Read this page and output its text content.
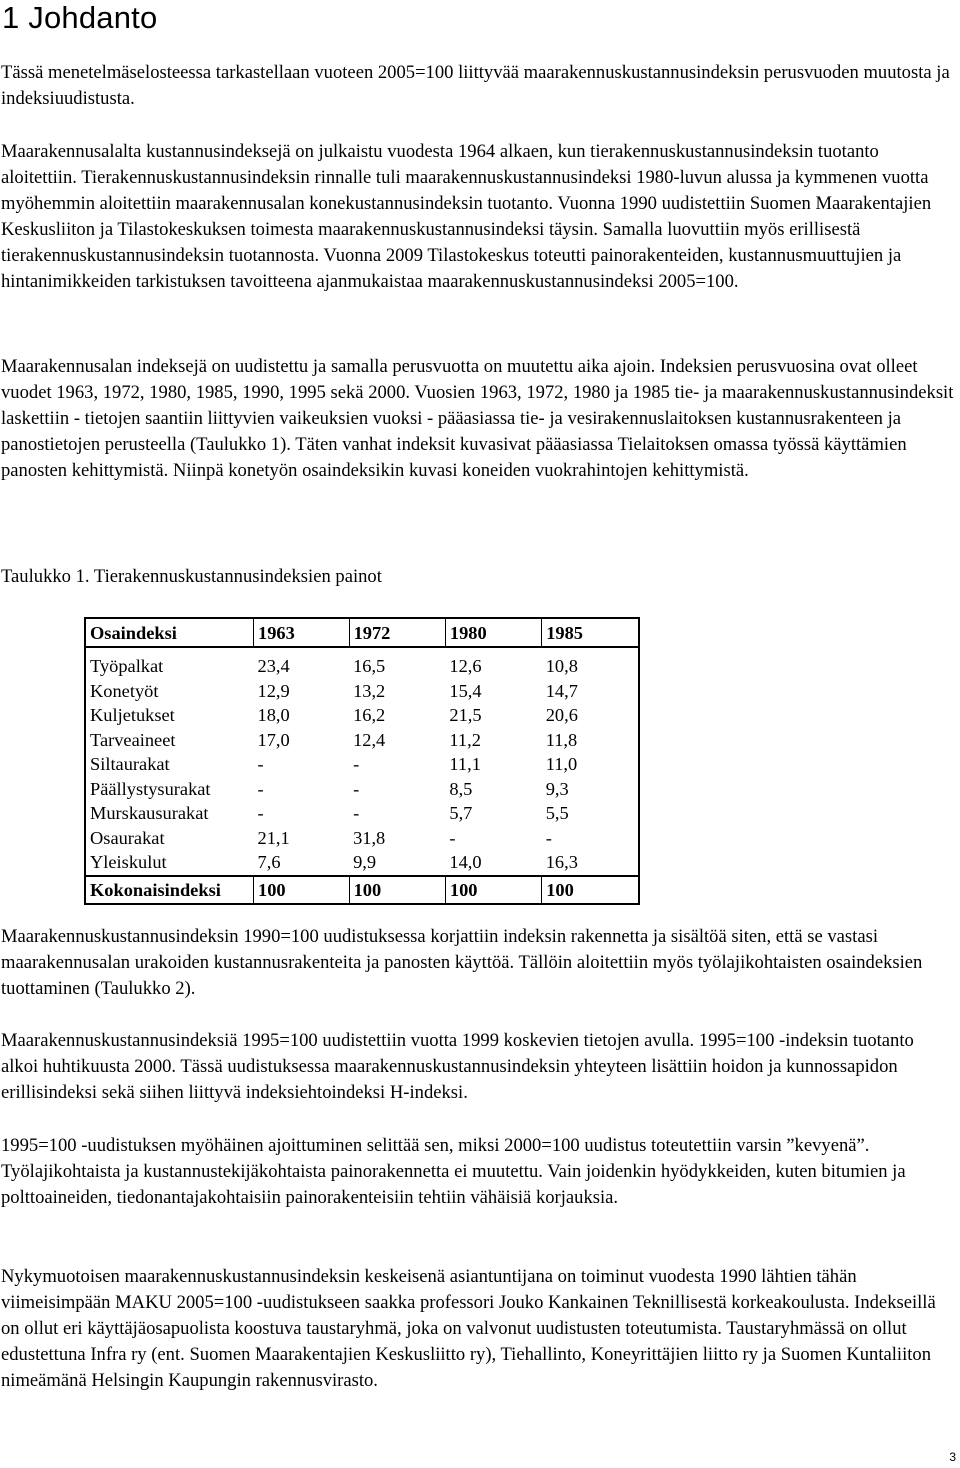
1 Johdanto

Tässä menetelmäselosteessa tarkastellaan vuoteen 2005=100 liittyvää maarakennuskustannusindeksin perusvuoden muutosta ja indeksiuudistusta.

Maarakennusalalta kustannusindeksejä on julkaistu vuodesta 1964 alkaen, kun tierakennuskustannusindeksin tuotanto aloitettiin. Tierakennuskustannusindeksin rinnalle tuli maarakennuskustannusindeksi 1980-luvun alussa ja kymmenen vuotta myöhemmin aloitettiin maarakennusalan konekustannusindeksin tuotanto. Vuonna 1990 uudistettiin Suomen Maarakentajien Keskusliiton ja Tilastokeskuksen toimesta maarakennuskustannusindeksi täysin. Samalla luovuttiin myös erillisestä tierakennuskustannusindeksin tuotannosta. Vuonna 2009 Tilastokeskus toteutti painorakenteiden, kustannusmuuttujien ja hintanimikkeiden tarkistuksen tavoitteena ajanmukaistaa maarakennuskustannusindeksi 2005=100.

Maarakennusalan indeksejä on uudistettu ja samalla perusvuotta on muutettu aika ajoin. Indeksien perusvuosina ovat olleet vuodet 1963, 1972, 1980, 1985, 1990, 1995 sekä 2000. Vuosien 1963, 1972, 1980 ja 1985 tie- ja maarakennuskustannusindeksit laskettiin - tietojen saantiin liittyvien vaikeuksien vuoksi - pääasiassa tie- ja vesirakennuslaitoksen kustannusrakenteen ja panostietojen perusteella (Taulukko 1). Täten vanhat indeksit kuvasivat pääasiassa Tielaitoksen omassa työssä käyttämien panosten kehittymistä. Niinpä konetyön osaindeksikin kuvasi koneiden vuokrahintojen kehittymistä.

Taulukko 1. Tierakennuskustannusindeksien painot

Osaindeksi	1963	1972	1980	1985

Työpalkat	23,4	16,5	12,6	10,8
Konetyöt	12,9	13,2	15,4	14,7
Kuljetukset	18,0	16,2	21,5	20,6
Tarveaineet	17,0	12,4	11,2	11,8
Siltaurakat	-	-	11,1	11,0
Päällystysurakat	-	-	8,5	9,3
Murskausurakat	-	-	5,7	5,5
Osaurakat	21,1	31,8	-	-
Yleiskulut	7,6	9,9	14,0	16,3
Kokonaisindeksi	100	100	100	100

Maarakennuskustannusindeksin 1990=100 uudistuksessa korjattiin indeksin rakennetta ja sisältöä siten, että se vastasi maarakennusalan urakoiden kustannusrakenteita ja panosten käyttöä. Tällöin aloitettiin myös työlajikohtaisten osaindeksien tuottaminen (Taulukko 2).

Maarakennuskustannusindeksiä 1995=100 uudistettiin vuotta 1999 koskevien tietojen avulla. 1995=100 -indeksin tuotanto alkoi huhtikuusta 2000. Tässä uudistuksessa maarakennuskustannusindeksin yhteyteen lisättiin hoidon ja kunnossapidon erillisindeksi sekä siihen liittyvä indeksiehtoindeksi H-indeksi.

1995=100 -uudistuksen myöhäinen ajoittuminen selittää sen, miksi 2000=100 uudistus toteutettiin varsin ”kevyenä”. Työlajikohtaista ja kustannustekijäkohtaista painorakennetta ei muutettu. Vain joidenkin hyödykkeiden, kuten bitumien ja polttoaineiden, tiedonantajakohtaisiin painorakenteisiin tehtiin vähäisiä korjauksia.

Nykymuotoisen maarakennuskustannusindeksin keskeisenä asiantuntijana on toiminut vuodesta 1990 lähtien tähän viimeisimpään MAKU 2005=100 -uudistukseen saakka professori Jouko Kankainen Teknillisestä korkeakoulusta. Indekseillä on ollut eri käyttäjäosapuolista koostuva taustaryhmä, joka on valvonut uudistusten toteutumista. Taustaryhmässä on ollut edustettuna Infra ry (ent. Suomen Maarakentajien Keskusliitto ry), Tiehallinto, Koneyrittäjien liitto ry ja Suomen Kuntaliiton nimeämänä Helsingin Kaupungin rakennusvirasto.

3
